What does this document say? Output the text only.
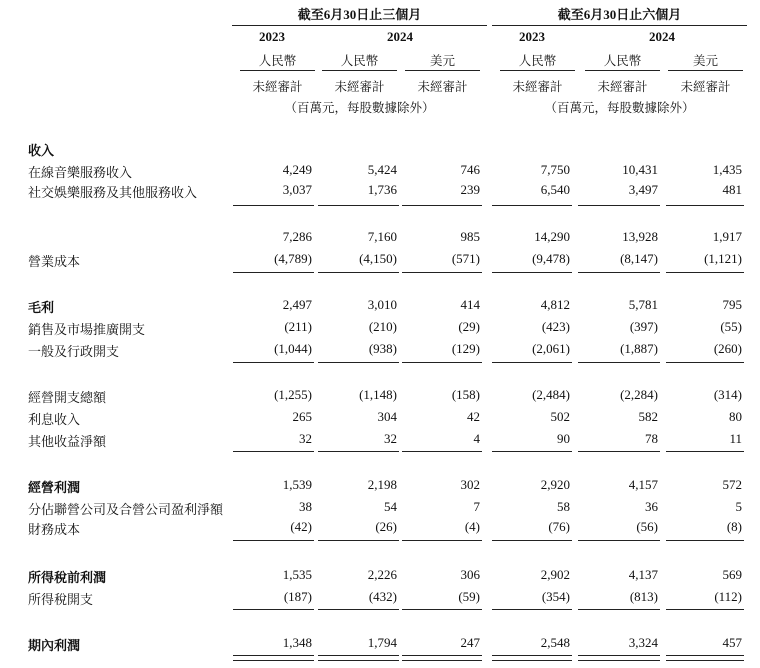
截至6月30日止三個月	截至6月30日止六個月
2023	2024	2023	2024
人民幣	人民幣	美元	人民幣	人民幣	美元
未經審計	未經審計	未經審計	未經審計	未經審計	未經審計
（百萬元，每股數據除外）	（百萬元，每股數據除外）
收入
在線音樂服務收入	4,249	5,424	746	7,750	10,431	1,435
社交娛樂服務及其他服務收入	3,037	1,736	239	6,540	3,497	481
7,286	7,160	985	14,290	13,928	1,917
營業成本	(4,789)	(4,150)	(571)	(9,478)	(8,147)	(1,121)
毛利	2,497	3,010	414	4,812	5,781	795
銷售及市場推廣開支	(211)	(210)	(29)	(423)	(397)	(55)
一般及行政開支	(1,044)	(938)	(129)	(2,061)	(1,887)	(260)
經營開支總額	(1,255)	(1,148)	(158)	(2,484)	(2,284)	(314)
利息收入	265	304	42	502	582	80
其他收益淨額	32	32	4	90	78	11
經營利潤	1,539	2,198	302	2,920	4,157	572
分佔聯營公司及合營公司盈利淨額	38	54	7	58	36	5
財務成本	(42)	(26)	(4)	(76)	(56)	(8)
所得稅前利潤	1,535	2,226	306	2,902	4,137	569
所得稅開支	(187)	(432)	(59)	(354)	(813)	(112)
期內利潤	1,348	1,794	247	2,548	3,324	457
